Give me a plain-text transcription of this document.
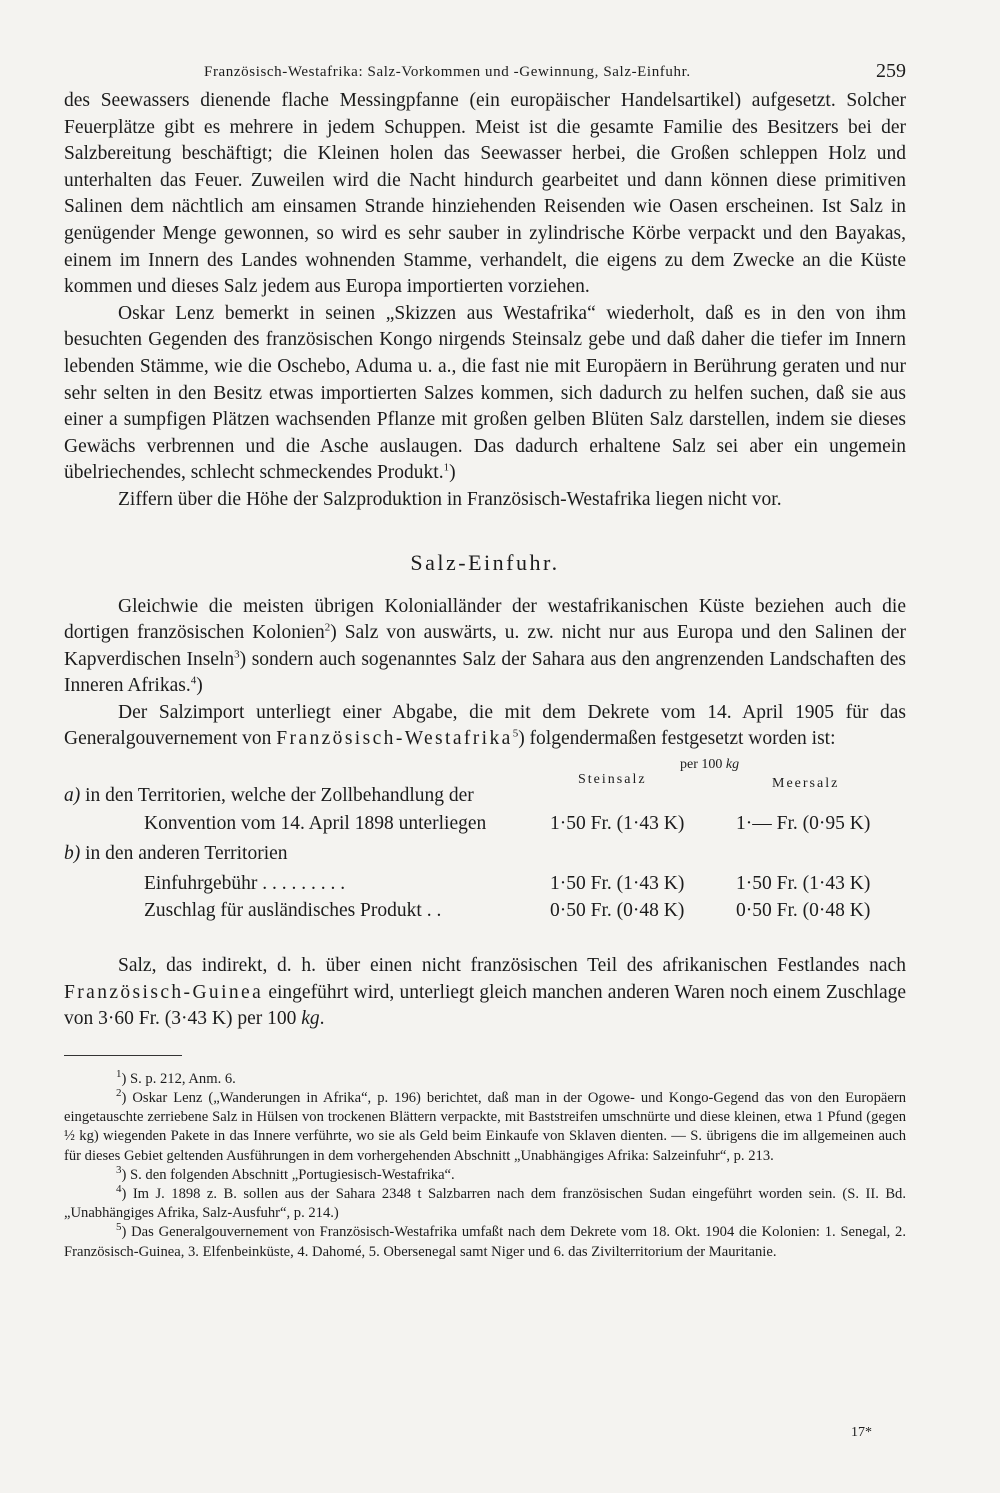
Französisch-Westafrika: Salz-Vorkommen und -Gewinnung, Salz-Einfuhr.	259

des Seewassers dienende flache Messingpfanne (ein europäischer Handelsartikel) aufgesetzt. Solcher Feuerplätze gibt es mehrere in jedem Schuppen. Meist ist die gesamte Familie des Besitzers bei der Salzbereitung beschäftigt; die Kleinen holen das Seewasser herbei, die Großen schleppen Holz und unterhalten das Feuer. Zuweilen wird die Nacht hindurch gearbeitet und dann können diese primitiven Salinen dem nächtlich am einsamen Strande hinziehenden Reisenden wie Oasen erscheinen. Ist Salz in genügender Menge gewonnen, so wird es sehr sauber in zylindrische Körbe verpackt und den Bayakas, einem im Innern des Landes wohnenden Stamme, verhandelt, die eigens zu dem Zwecke an die Küste kommen und dieses Salz jedem aus Europa importierten vorziehen.

Oskar Lenz bemerkt in seinen „Skizzen aus Westafrika“ wiederholt, daß es in den von ihm besuchten Gegenden des französischen Kongo nirgends Steinsalz gebe und daß daher die tiefer im Innern lebenden Stämme, wie die Oschebo, Aduma u. a., die fast nie mit Europäern in Berührung geraten und nur sehr selten in den Besitz etwas importierten Salzes kommen, sich dadurch zu helfen suchen, daß sie aus einer a sumpfigen Plätzen wachsenden Pflanze mit großen gelben Blüten Salz darstellen, indem sie dieses Gewächs verbrennen und die Asche auslaugen. Das dadurch erhaltene Salz sei aber ein ungemein übelriechendes, schlecht schmeckendes Produkt.$^1$)

Ziffern über die Höhe der Salzproduktion in Französisch-Westafrika liegen nicht vor.

Salz-Einfuhr.

Gleichwie die meisten übrigen Kolonialländer der westafrikanischen Küste beziehen auch die dortigen französischen Kolonien$^2$) Salz von auswärts, u. zw. nicht nur aus Europa und den Salinen der Kapverdischen Inseln$^3$) sondern auch sogenanntes Salz der Sahara aus den angrenzenden Landschaften des Inneren Afrikas.$^4$)

Der Salzimport unterliegt einer Abgabe, die mit dem Dekrete vom 14. April 1905 für das Generalgouvernement von Französisch-Westafrika$^5$) folgendermaßen festgesetzt worden ist:

per 100 kg
Steinsalz	Meersalz
a) in den Territorien, welche der Zollbehandlung der
Konvention vom 14. April 1898 unterliegen	1·50 Fr. (1·43 K)	1·— Fr. (0·95 K)
b) in den anderen Territorien
Einfuhrgebühr . . . . . . . . .	1·50 Fr. (1·43 K)	1·50 Fr. (1·43 K)
Zuschlag für ausländisches Produkt . .	0·50 Fr. (0·48 K)	0·50 Fr. (0·48 K)

Salz, das indirekt, d. h. über einen nicht französischen Teil des afrikanischen Festlandes nach Französisch-Guinea eingeführt wird, unterliegt gleich manchen anderen Waren noch einem Zuschlage von 3·60 Fr. (3·43 K) per 100 kg.

$^1$) S. p. 212, Anm. 6.

$^2$) Oskar Lenz („Wanderungen in Afrika“, p. 196) berichtet, daß man in der Ogowe- und Kongo-Gegend das von den Europäern eingetauschte zerriebene Salz in Hülsen von trockenen Blättern verpackte, mit Baststreifen umschnürte und diese kleinen, etwa 1 Pfund (gegen ½ kg) wiegenden Pakete in das Innere verführte, wo sie als Geld beim Einkaufe von Sklaven dienten. — S. übrigens die im allgemeinen auch für dieses Gebiet geltenden Ausführungen in dem vorhergehenden Abschnitt „Unabhängiges Afrika: Salzeinfuhr“, p. 213.

$^3$) S. den folgenden Abschnitt „Portugiesisch-Westafrika“.

$^4$) Im J. 1898 z. B. sollen aus der Sahara 2348 t Salzbarren nach dem französischen Sudan eingeführt worden sein. (S. II. Bd. „Unabhängiges Afrika, Salz-Ausfuhr“, p. 214.)

$^5$) Das Generalgouvernement von Französisch-Westafrika umfaßt nach dem Dekrete vom 18. Okt. 1904 die Kolonien: 1. Senegal, 2. Französisch-Guinea, 3. Elfenbeinküste, 4. Dahomé, 5. Obersenegal samt Niger und 6. das Zivilterritorium der Mauritanie.

17*
